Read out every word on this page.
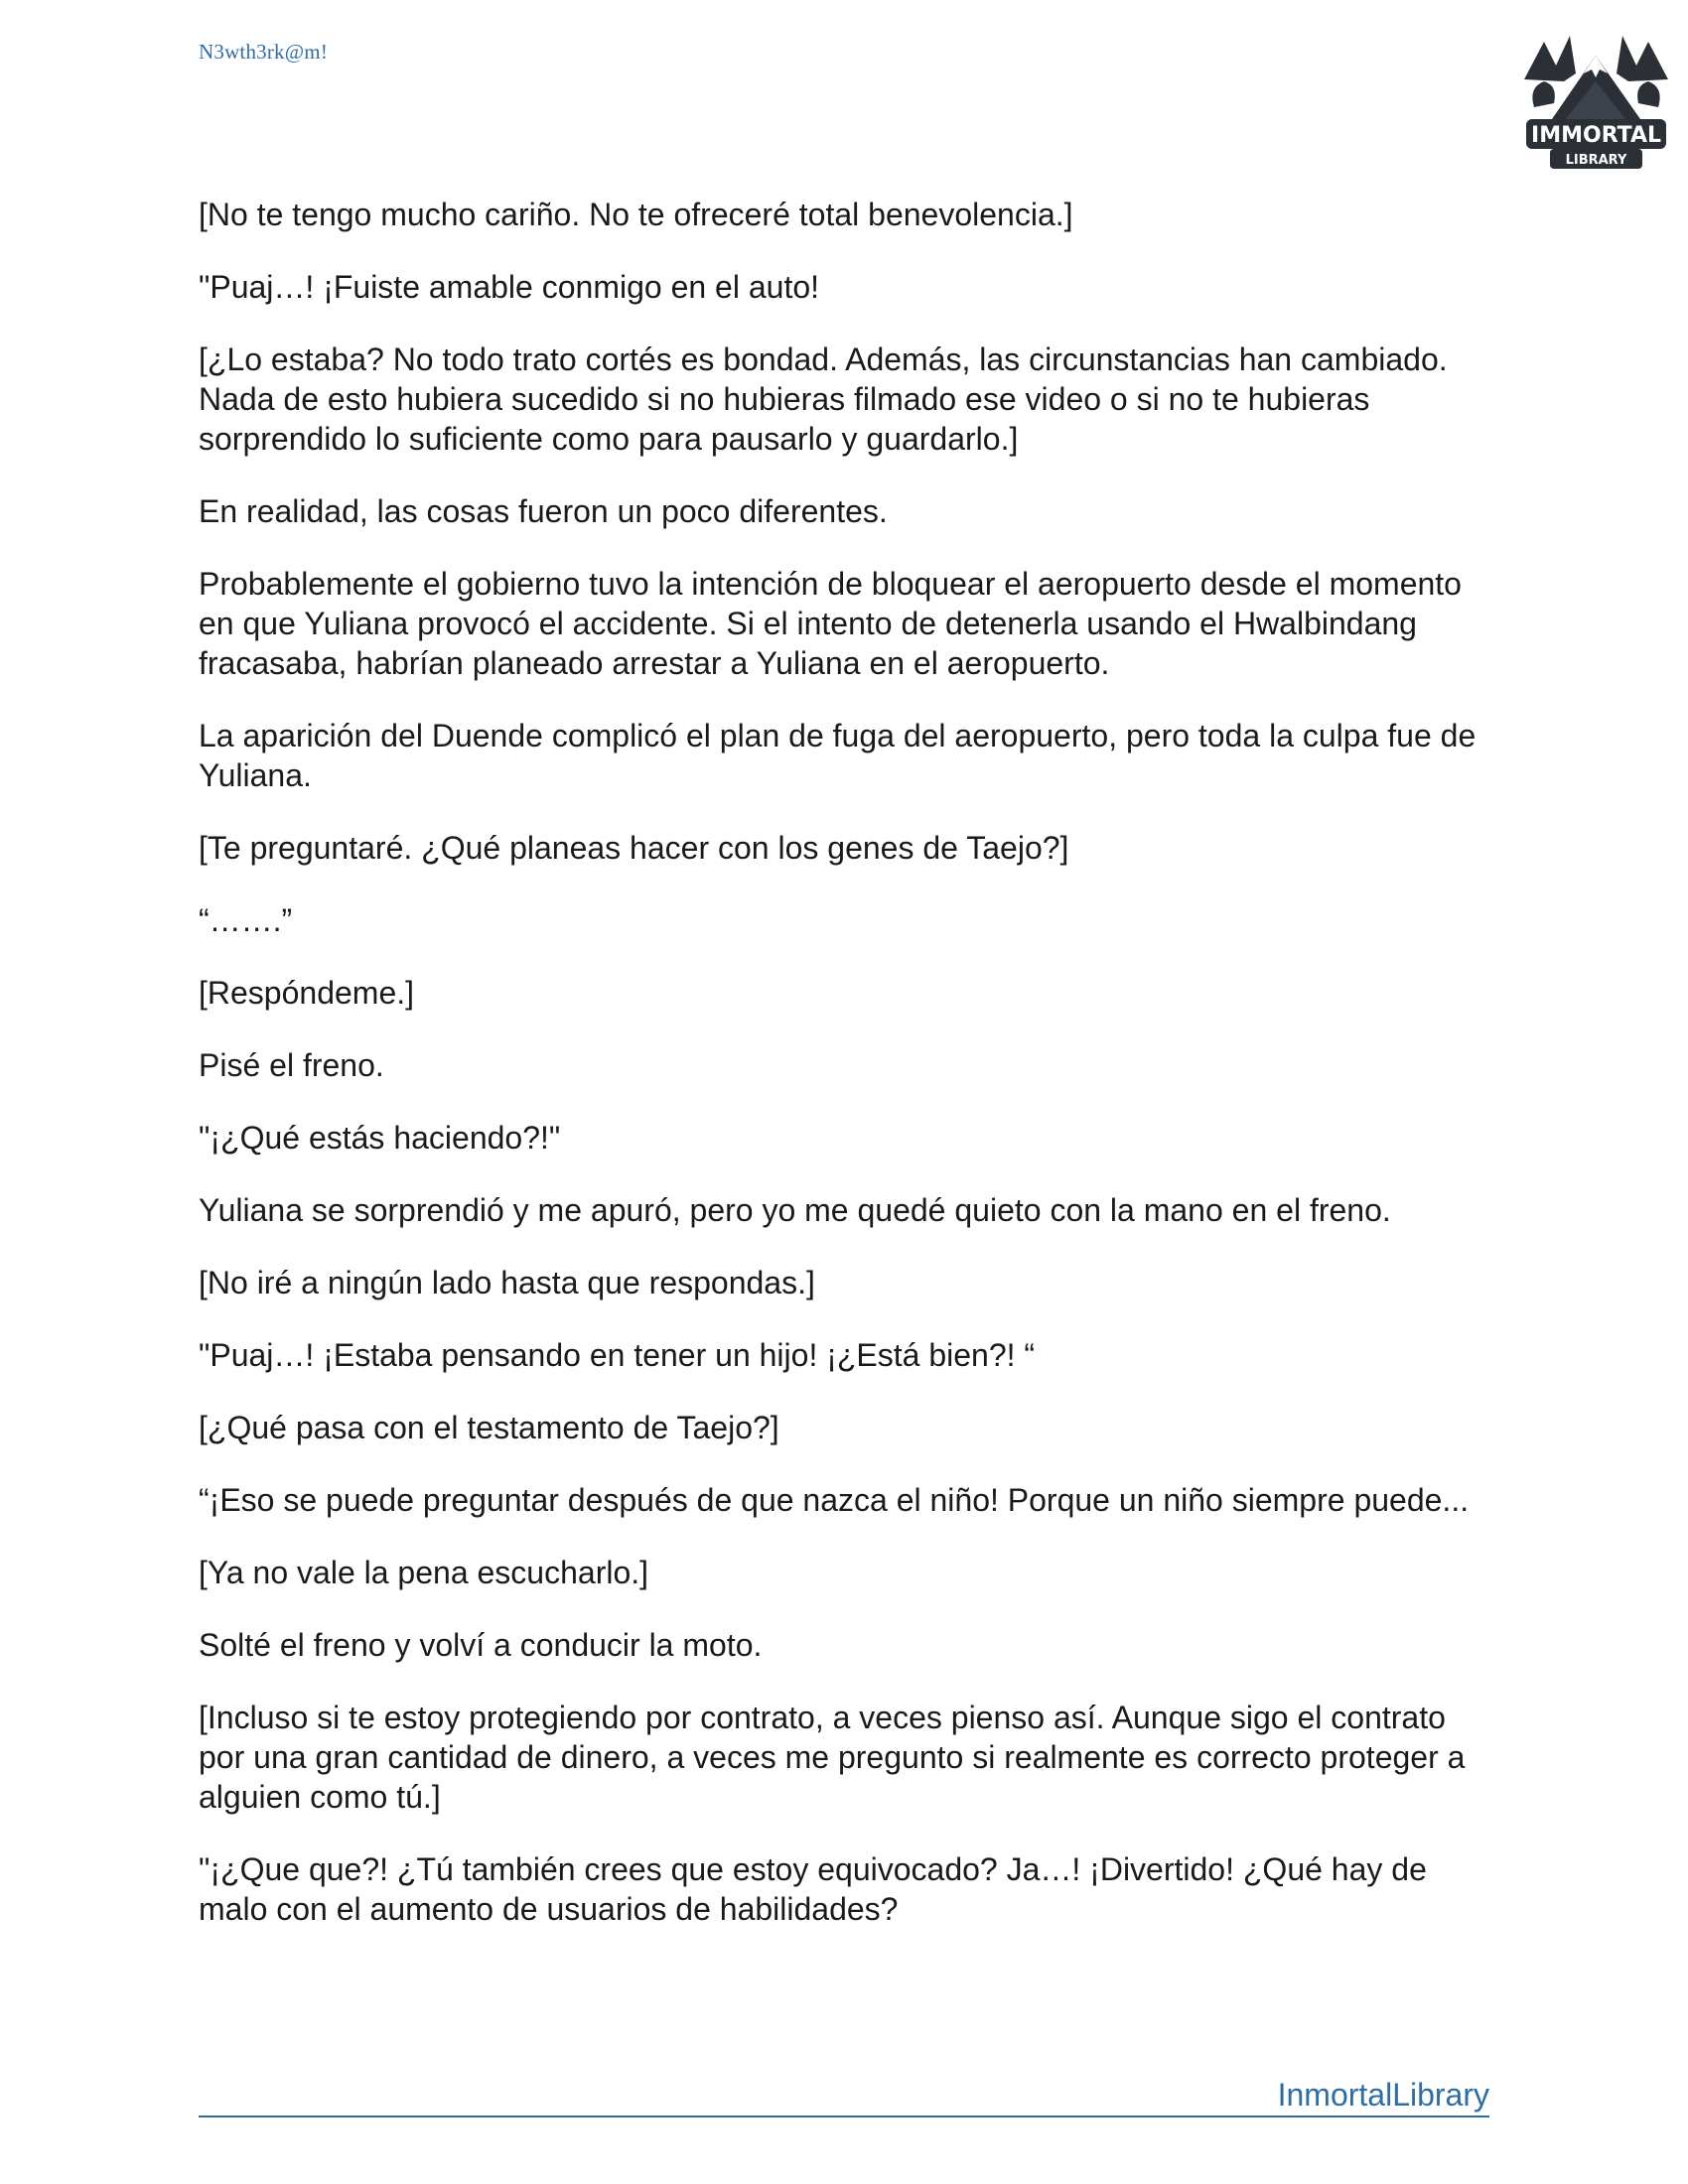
N3wth3rk@m!
IMMORTAL
LIBRARY

[No te tengo mucho cariño. No te ofreceré total benevolencia.]

"Puaj…! ¡Fuiste amable conmigo en el auto!

[¿Lo estaba? No todo trato cortés es bondad. Además, las circunstancias han cambiado. Nada de esto hubiera sucedido si no hubieras filmado ese video o si no te hubieras sorprendido lo suficiente como para pausarlo y guardarlo.]

En realidad, las cosas fueron un poco diferentes.

Probablemente el gobierno tuvo la intención de bloquear el aeropuerto desde el momento en que Yuliana provocó el accidente. Si el intento de detenerla usando el Hwalbindang fracasaba, habrían planeado arrestar a Yuliana en el aeropuerto.

La aparición del Duende complicó el plan de fuga del aeropuerto, pero toda la culpa fue de Yuliana.

[Te preguntaré. ¿Qué planeas hacer con los genes de Taejo?]

“…….”

[Respóndeme.]

Pisé el freno.

"¡¿Qué estás haciendo?!"

Yuliana se sorprendió y me apuró, pero yo me quedé quieto con la mano en el freno.

[No iré a ningún lado hasta que respondas.]

"Puaj…! ¡Estaba pensando en tener un hijo! ¡¿Está bien?! “

[¿Qué pasa con el testamento de Taejo?]

“¡Eso se puede preguntar después de que nazca el niño! Porque un niño siempre puede...

[Ya no vale la pena escucharlo.]

Solté el freno y volví a conducir la moto.

[Incluso si te estoy protegiendo por contrato, a veces pienso así. Aunque sigo el contrato por una gran cantidad de dinero, a veces me pregunto si realmente es correcto proteger a alguien como tú.]

"¡¿Que que?! ¿Tú también crees que estoy equivocado? Ja…! ¡Divertido! ¿Qué hay de malo con el aumento de usuarios de habilidades?

InmortalLibrary
